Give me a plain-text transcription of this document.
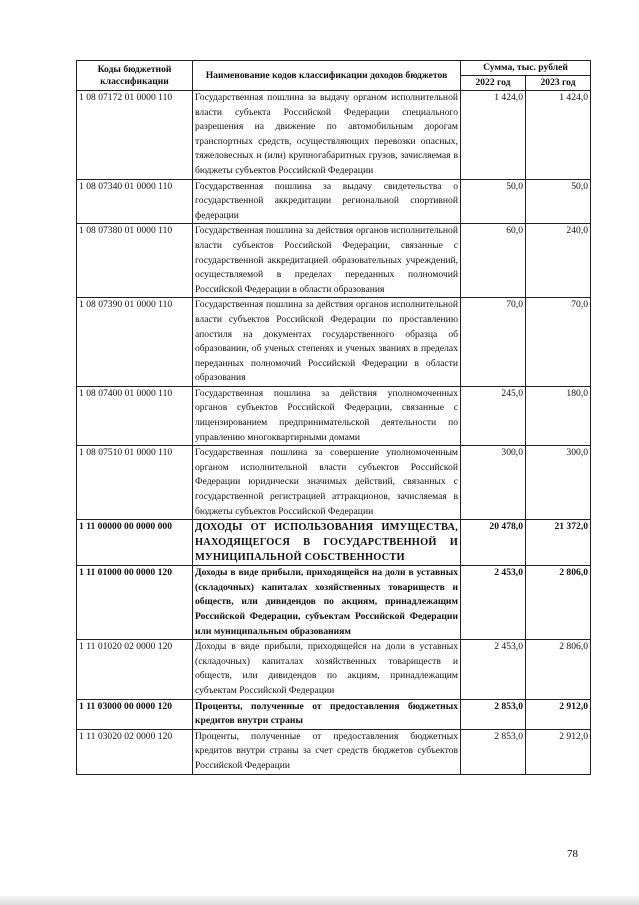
Коды бюджетной классификации	Наименование кодов классификации доходов бюджетов	Сумма, тыс. рублей	
		2022 год	2023 год
1 08 07172 01 0000 110	Государственная пошлина за выдачу органом исполнительной власти субъекта Российской Федерации специального разрешения на движение по автомобильным дорогам транспортных средств, осуществляющих перевозки опасных, тяжеловесных и (или) крупногабаритных грузов, зачисляемая в бюджеты субъектов Российской Федерации	1 424,0	1 424,0
1 08 07340 01 0000 110	Государственная пошлина за выдачу свидетельства о государственной аккредитации региональной спортивной федерации	50,0	50,0
1 08 07380 01 0000 110	Государственная пошлина за действия органов исполнительной власти субъектов Российской Федерации, связанные с государственной аккредитацией образовательных учреждений, осуществляемой в пределах переданных полномочий Российской Федерации в области образования	60,0	240,0
1 08 07390 01 0000 110	Государственная пошлина за действия органов исполнительной власти субъектов Российской Федерации по проставлению апостиля на документах государственного образца об образовании, об ученых степенях и ученых званиях в пределах переданных полномочий Российской Федерации в области образования	70,0	70,0
1 08 07400 01 0000 110	Государственная пошлина за действия уполномоченных органов субъектов Российской Федерации, связанные с лицензированием предпринимательской деятельности по управлению многоквартирными домами	245,0	180,0
1 08 07510 01 0000 110	Государственная пошлина за совершение уполномоченным органом исполнительной власти субъектов Российской Федерации юридически значимых действий, связанных с государственной регистрацией аттракционов, зачисляемая в бюджеты субъектов Российской Федерации	300,0	300,0
1 11 00000 00 0000 000	ДОХОДЫ ОТ ИСПОЛЬЗОВАНИЯ ИМУЩЕСТВА, НАХОДЯЩЕГОСЯ В ГОСУДАРСТВЕННОЙ И МУНИЦИПАЛЬНОЙ СОБСТВЕННОСТИ	20 478,0	21 372,0
1 11 01000 00 0000 120	Доходы в виде прибыли, приходящейся на доли в уставных (складочных) капиталах хозяйственных товариществ и обществ, или дивидендов по акциям, принадлежащим Российской Федерации, субъектам Российской Федерации или муниципальным образованиям	2 453,0	2 806,0
1 11 01020 02 0000 120	Доходы в виде прибыли, приходящейся на доли в уставных (складочных) капиталах хозяйственных товариществ и обществ, или дивидендов по акциям, принадлежащим субъектам Российской Федерации	2 453,0	2 806,0
1 11 03000 00 0000 120	Проценты, полученные от предоставления бюджетных кредитов внутри страны	2 853,0	2 912,0
1 11 03020 02 0000 120	Проценты, полученные от предоставления бюджетных кредитов внутри страны за счет средств бюджетов субъектов Российской Федерации	2 853,0	2 912,0
78
